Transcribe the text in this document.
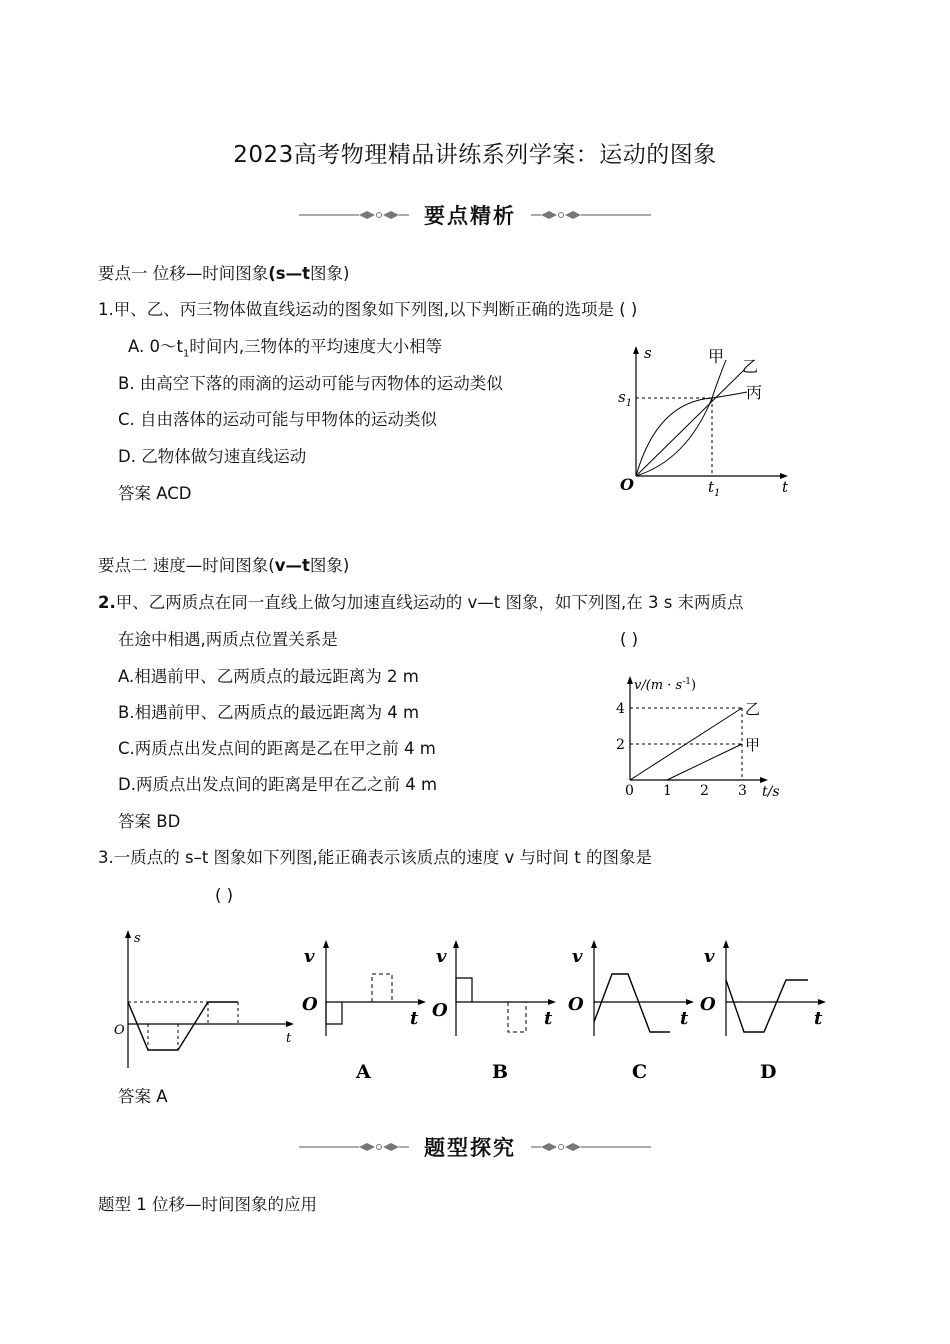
2023高考物理精品讲练系列学案：运动的图象
要点精析
要点一 位移—时间图象(s—t图象)
1.甲、乙、丙三物体做直线运动的图象如下列图,以下判断正确的选项是 ( )
A. $0\sim t_1$时间内,三物体的平均速度大小相等
B. 由高空下落的雨滴的运动可能与丙物体的运动类似
C. 自由落体的运动可能与甲物体的运动类似
D. 乙物体做匀速直线运动
答案 ACD
s
t
O
$s_1$
$t_1$
甲
乙
丙
要点二 速度—时间图象(v—t图象)
2.甲、乙两质点在同一直线上做匀加速直线运动的 v—t 图象，如下列图,在 3 s 末两质点
在途中相遇,两质点位置关系是	( )
A.相遇前甲、乙两质点的最远距离为 2 m
B.相遇前甲、乙两质点的最远距离为 4 m
C.两质点出发点间的距离是乙在甲之前 4 m
D.两质点出发点间的距离是甲在乙之前 4 m
答案 BD
$v/(m \cdot s^{-1})$
4
2
0 1 2 3 t/s
乙
甲
3.一质点的 s–t 图象如下列图,能正确表示该质点的速度 v 与时间 t 的图象是
( )
s
t
O
v
t
O
A
v
t
O
B
v
t
O
C
v
t
O
D
答案 A
题型探究
题型 1 位移—时间图象的应用
